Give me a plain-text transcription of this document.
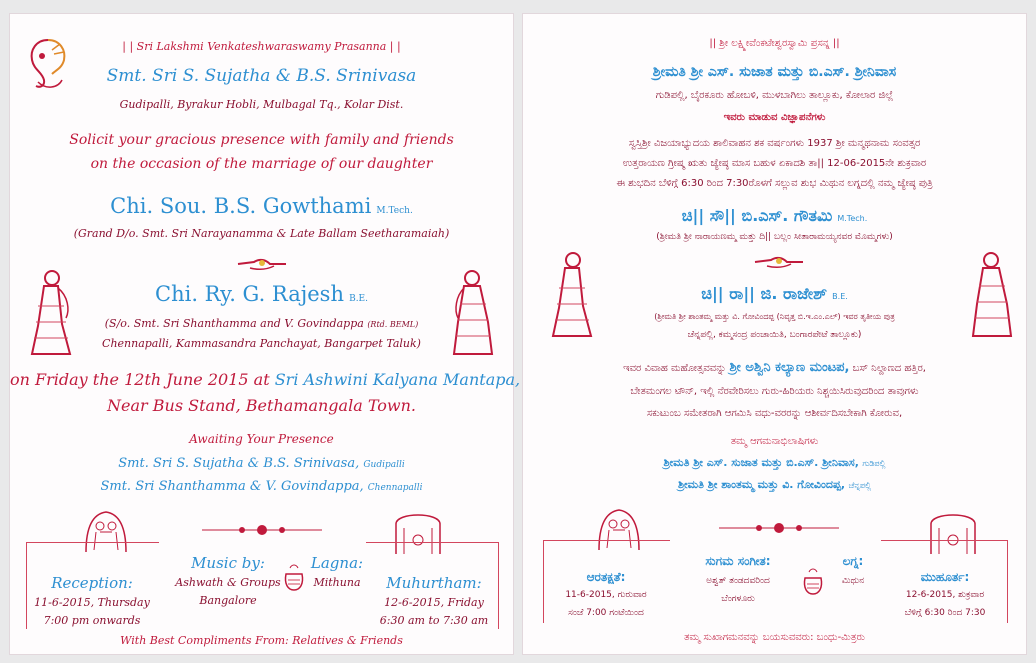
| | Sri Lakshmi Venkateshwaraswamy Prasanna | |
Smt. Sri S. Sujatha & B.S. Srinivasa
Gudipalli, Byrakur Hobli, Mulbagal Tq., Kolar Dist.
Solicit your gracious presence with family and friends
on the occasion of the marriage of our daughter
Chi. Sou. B.S. Gowthami M.Tech.
(Grand D/o. Smt. Sri Narayanamma & Late Ballam Seetharamaiah)
Chi. Ry. G. Rajesh B.E.
(S/o. Smt. Sri Shanthamma and V. Govindappa (Rtd. BEML)
Chennapalli, Kammasandra Panchayat, Bangarpet Taluk)
on Friday the 12th June 2015 at Sri Ashwini Kalyana Mantapa,
Near Bus Stand, Bethamangala Town.
Awaiting Your Presence
Smt. Sri S. Sujatha & B.S. Srinivasa, Gudipalli
Smt. Sri Shanthamma & V. Govindappa, Chennapalli
Reception:
11-6-2015, Thursday
7:00 pm onwards
Music by:
Ashwath & Groups
Bangalore
Lagna:
Mithuna	Muhurtham:
12-6-2015, Friday
6:30 am to 7:30 am
With Best Compliments From: Relatives & Friends
|| ಶ್ರೀ ಲಕ್ಷ್ಮೀವೆಂಕಟೇಶ್ವರಸ್ವಾಮಿ ಪ್ರಸನ್ನ ||
ಶ್ರೀಮತಿ ಶ್ರೀ ಎಸ್. ಸುಜಾತ ಮತ್ತು ಬಿ.ಎಸ್. ಶ್ರೀನಿವಾಸ
ಗುಡಿಪಲ್ಲಿ, ಬೈರಕೂರು ಹೋಬಳಿ, ಮುಳಬಾಗಿಲು ತಾಲ್ಲೂಕು, ಕೋಲಾರ ಜಿಲ್ಲೆ
ಇವರು ಮಾಡುವ ವಿಜ್ಞಾಪನೆಗಳು
ಸ್ವಸ್ತಿಶ್ರೀ ವಿಜಯಾಭ್ಯುದಯ ಶಾಲಿವಾಹನ ಶಕ ವರ್ಷಂಗಳು 1937 ಶ್ರೀ ಮನ್ಮಥನಾಮ ಸಂವತ್ಸರ
ಉತ್ತರಾಯಣ ಗ್ರೀಷ್ಮ ಋತು ಜ್ಯೇಷ್ಠ ಮಾಸ ಬಹುಳ ಏಕಾದಶಿ ತಾ|| 12-06-2015ನೇ ಶುಕ್ರವಾರ
ಈ ಶುಭದಿನ ಬೆಳಿಗ್ಗೆ 6:30 ರಿಂದ 7:30ರೊಳಗೆ ಸಲ್ಲುವ ಶುಭ ಮಿಥುನ ಲಗ್ನದಲ್ಲಿ ನಮ್ಮ ಜ್ಯೇಷ್ಠ ಪುತ್ರಿ
ಚಿ|| ಸೌ|| ಬಿ.ಎಸ್. ಗೌತಮಿ M.Tech.
(ಶ್ರೀಮತಿ ಶ್ರೀ ನಾರಾಯಣಮ್ಮ ಮತ್ತು ದಿ|| ಬಲ್ಲಂ ಸೀತಾರಾಮಯ್ಯನವರ ಮೊಮ್ಮಗಳು)
ಚಿ|| ರಾ|| ಜಿ. ರಾಜೇಶ್ B.E.
(ಶ್ರೀಮತಿ ಶ್ರೀ ಶಾಂತಮ್ಮ ಮತ್ತು ವಿ. ಗೋವಿಂದಪ್ಪ (ನಿವೃತ್ತ ಬಿ.ಇ.ಎಂ.ಎಲ್) ಇವರ ತೃತೀಯ ಪುತ್ರ
ಚೆನ್ನಪಲ್ಲಿ, ಕಮ್ಮಸಂದ್ರ ಪಂಚಾಯಿತಿ, ಬಂಗಾರಪೇಟೆ ತಾಲ್ಲೂಕು)
ಇವರ ವಿವಾಹ ಮಹೋತ್ಸವವನ್ನು ಶ್ರೀ ಅಶ್ವಿನಿ ಕಲ್ಯಾಣ ಮಂಟಪ, ಬಸ್ ನಿಲ್ದಾಣದ ಹತ್ತಿರ,
ಬೇತಮಂಗಲ ಟೌನ್, ಇಲ್ಲಿ ನೆರವೇರಿಸಲು ಗುರು-ಹಿರಿಯರು ನಿಶ್ಚಯಿಸಿರುವುದರಿಂದ ತಾವುಗಳು
ಸಕುಟುಂಬ ಸಮೇತರಾಗಿ ಆಗಮಿಸಿ ವಧು-ವರರನ್ನು ಆಶೀರ್ವದಿಸಬೇಕಾಗಿ ಕೋರುವ,
ತಮ್ಮ ಆಗಮನಾಭಿಲಾಷಿಗಳು
ಶ್ರೀಮತಿ ಶ್ರೀ ಎಸ್. ಸುಜಾತ ಮತ್ತು ಬಿ.ಎಸ್. ಶ್ರೀನಿವಾಸ, ಗುಡಿಪಲ್ಲಿ
ಶ್ರೀಮತಿ ಶ್ರೀ ಶಾಂತಮ್ಮ ಮತ್ತು ವಿ. ಗೋವಿಂದಪ್ಪ, ಚೆನ್ನಪಲ್ಲಿ
ಆರತಕ್ಷತೆ:
11-6-2015, ಗುರುವಾರ
ಸಂಜೆ 7:00 ಗಂಟೆಯಿಂದ
ಸುಗಮ ಸಂಗೀತ:
ಅಶ್ವತ್ ತಂಡದವರಿಂದ
ಬೆಂಗಳೂರು
ಲಗ್ನ:
ಮಿಥುನ	ಮುಹೂರ್ತ:
12-6-2015, ಶುಕ್ರವಾರ
ಬೆಳಿಗ್ಗೆ 6:30 ರಿಂದ 7:30
ತಮ್ಮ ಸುಖಾಗಮನವನ್ನು ಬಯಸುವವರು: ಬಂಧು-ಮಿತ್ರರು
